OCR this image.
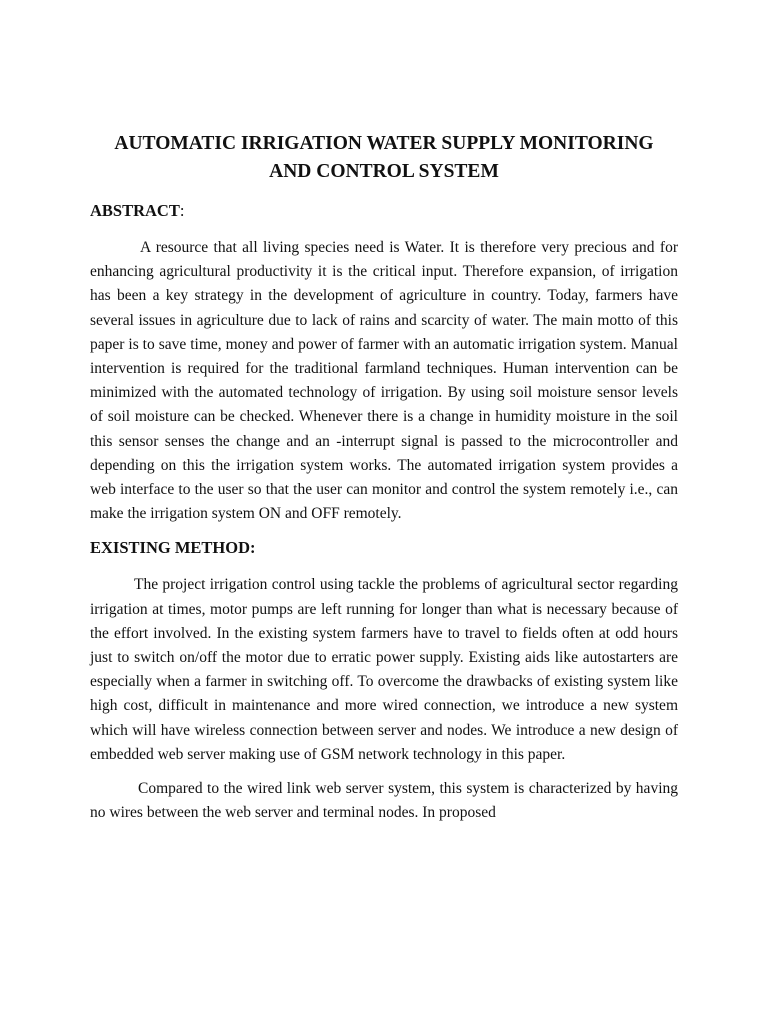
AUTOMATIC IRRIGATION WATER SUPPLY MONITORING
AND CONTROL SYSTEM
ABSTRACT:

A resource that all living species need is Water. It is therefore very precious and for enhancing agricultural productivity it is the critical input. Therefore expansion, of irrigation has been a key strategy in the development of agriculture in country. Today, farmers have several issues in agriculture due to lack of rains and scarcity of water. The main motto of this paper is to save time, money and power of farmer with an automatic irrigation system. Manual intervention is required for the traditional farmland techniques. Human intervention can be minimized with the automated technology of irrigation. By using soil moisture sensor levels of soil moisture can be checked. Whenever there is a change in humidity moisture in the soil this sensor senses the change and an -interrupt signal is passed to the microcontroller and depending on this the irrigation system works. The automated irrigation system provides a web interface to the user so that the user can monitor and control the system remotely i.e., can make the irrigation system ON and OFF remotely.

EXISTING METHOD:

The project irrigation control using tackle the problems of agricultural sector regarding irrigation at times, motor pumps are left running for longer than what is necessary because of the effort involved. In the existing system farmers have to travel to fields often at odd hours just to switch on/off the motor due to erratic power supply. Existing aids like autostarters are especially when a farmer in switching off. To overcome the drawbacks of existing system like high cost, difficult in maintenance and more wired connection, we introduce a new system which will have wireless connection between server and nodes. We introduce a new design of embedded web server making use of GSM network technology in this paper.

Compared to the wired link web server system, this system is characterized by having no wires between the web server and terminal nodes. In proposed
